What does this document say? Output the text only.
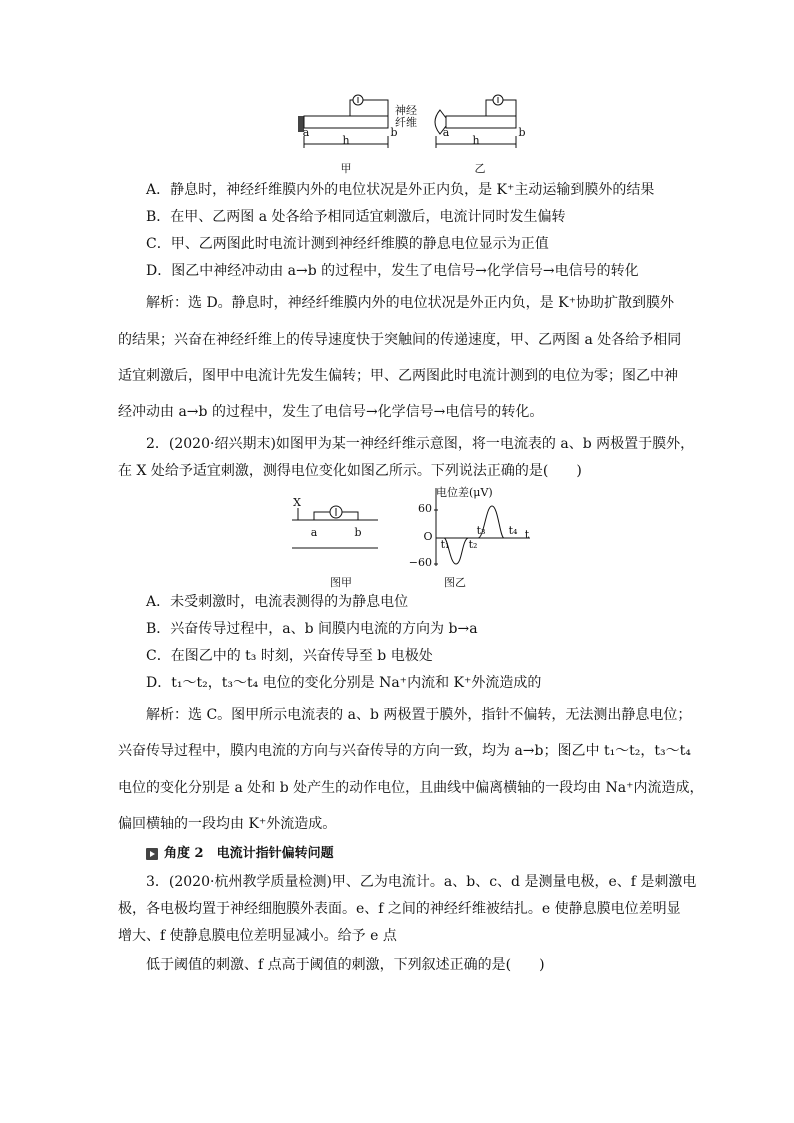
a	b
h
神经
纤维
a	b
h
甲	乙
A．静息时，神经纤维膜内外的电位状况是外正内负，是 K⁺主动运输到膜外的结果
B．在甲、乙两图 a 处各给予相同适宜刺激后，电流计同时发生偏转
C．甲、乙两图此时电流计测到神经纤维膜的静息电位显示为正值
D．图乙中神经冲动由 a→b 的过程中，发生了电信号→化学信号→电信号的转化
解析：选 D。静息时，神经纤维膜内外的电位状况是外正内负，是 K⁺协助扩散到膜外
的结果；兴奋在神经纤维上的传导速度快于突触间的传递速度，甲、乙两图 a 处各给予相同
适宜刺激后，图甲中电流计先发生偏转；甲、乙两图此时电流计测到的电位为零；图乙中神
经冲动由 a→b 的过程中，发生了电信号→化学信号→电信号的转化。
2．(2020·绍兴期末)如图甲为某一神经纤维示意图，将一电流表的 a、b 两极置于膜外，
在 X 处给予适宜刺激，测得电位变化如图乙所示。下列说法正确的是(　　)
X
a	b
电位差(μV)
60
−60
O	t
t₁ t₂
t₃ t₄
图甲	图乙
A．未受刺激时，电流表测得的为静息电位
B．兴奋传导过程中，a、b 间膜内电流的方向为 b→a
C．在图乙中的 t₃ 时刻，兴奋传导至 b 电极处
D．t₁～t₂，t₃～t₄ 电位的变化分别是 Na⁺内流和 K⁺外流造成的
解析：选 C。图甲所示电流表的 a、b 两极置于膜外，指针不偏转，无法测出静息电位；
兴奋传导过程中，膜内电流的方向与兴奋传导的方向一致，均为 a→b；图乙中 t₁～t₂，t₃～t₄
电位的变化分别是 a 处和 b 处产生的动作电位，且曲线中偏离横轴的一段均由 Na⁺内流造成，
偏回横轴的一段均由 K⁺外流造成。
角度 2　电流计指针偏转问题
3．(2020·杭州教学质量检测)甲、乙为电流计。a、b、c、d 是测量电极，e、f 是刺激电
极，各电极均置于神经细胞膜外表面。e、f 之间的神经纤维被结扎。e 使静息膜电位差明显
增大、f 使静息膜电位差明显减小。给予 e 点
低于阈值的刺激、f 点高于阈值的刺激，下列叙述正确的是(　　)
